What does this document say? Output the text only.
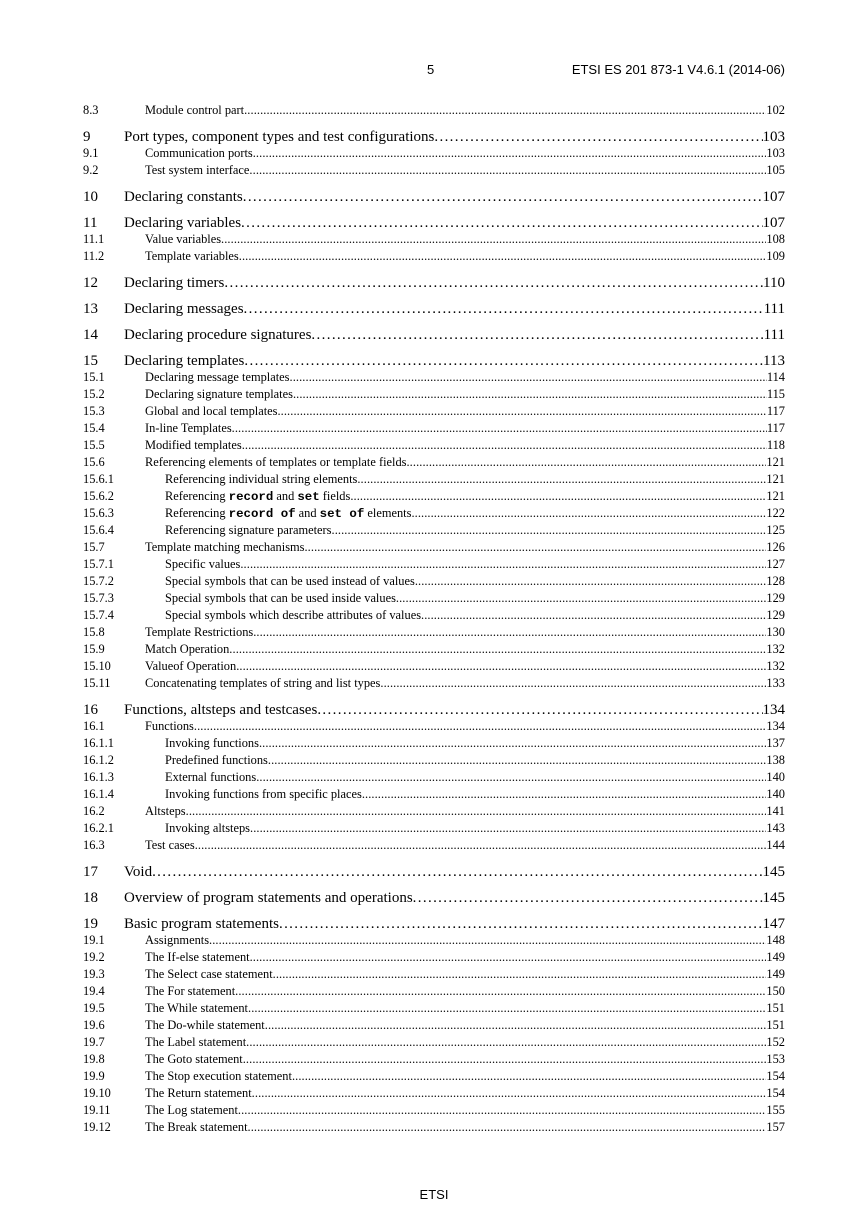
5	ETSI ES 201 873-1 V4.6.1 (2014-06)
8.3	Module control part . . .	102
9	Port types, component types and test configurations . . .	103
9.1	Communication ports . . .	103
9.2	Test system interface . . .	105
10	Declaring constants . . .	107
11	Declaring variables . . .	107
11.1	Value variables . . .	108
11.2	Template variables . . .	109
12	Declaring timers . . .	110
13	Declaring messages . . .	111
14	Declaring procedure signatures . . .	111
15	Declaring templates . . .	113
15.1	Declaring message templates . . .	114
15.2	Declaring signature templates . . .	115
15.3	Global and local templates . . .	117
15.4	In-line Templates . . .	117
15.5	Modified templates . . .	118
15.6	Referencing elements of templates or template fields . . .	121
15.6.1	Referencing individual string elements . . .	121
15.6.2	Referencing record and set fields . . .	121
15.6.3	Referencing record of and set of elements . . .	122
15.6.4	Referencing signature parameters . . .	125
15.7	Template matching mechanisms . . .	126
15.7.1	Specific values . . .	127
15.7.2	Special symbols that can be used instead of values . . .	128
15.7.3	Special symbols that can be used inside values . . .	129
15.7.4	Special symbols which describe attributes of values . . .	129
15.8	Template Restrictions . . .	130
15.9	Match Operation . . .	132
15.10	Valueof Operation . . .	132
15.11	Concatenating templates of string and list types . . .	133
16	Functions, altsteps and testcases . . .	134
16.1	Functions . . .	134
16.1.1	Invoking functions . . .	137
16.1.2	Predefined functions . . .	138
16.1.3	External functions . . .	140
16.1.4	Invoking functions from specific places . . .	140
16.2	Altsteps . . .	141
16.2.1	Invoking altsteps . . .	143
16.3	Test cases . . .	144
17	Void . . .	145
18	Overview of program statements and operations . . .	145
19	Basic program statements . . .	147
19.1	Assignments . . .	148
19.2	The If-else statement . . .	149
19.3	The Select case statement . . .	149
19.4	The For statement . . .	150
19.5	The While statement . . .	151
19.6	The Do-while statement . . .	151
19.7	The Label statement . . .	152
19.8	The Goto statement . . .	153
19.9	The Stop execution statement . . .	154
19.10	The Return statement . . .	154
19.11	The Log statement . . .	155
19.12	The Break statement . . .	157
ETSI
